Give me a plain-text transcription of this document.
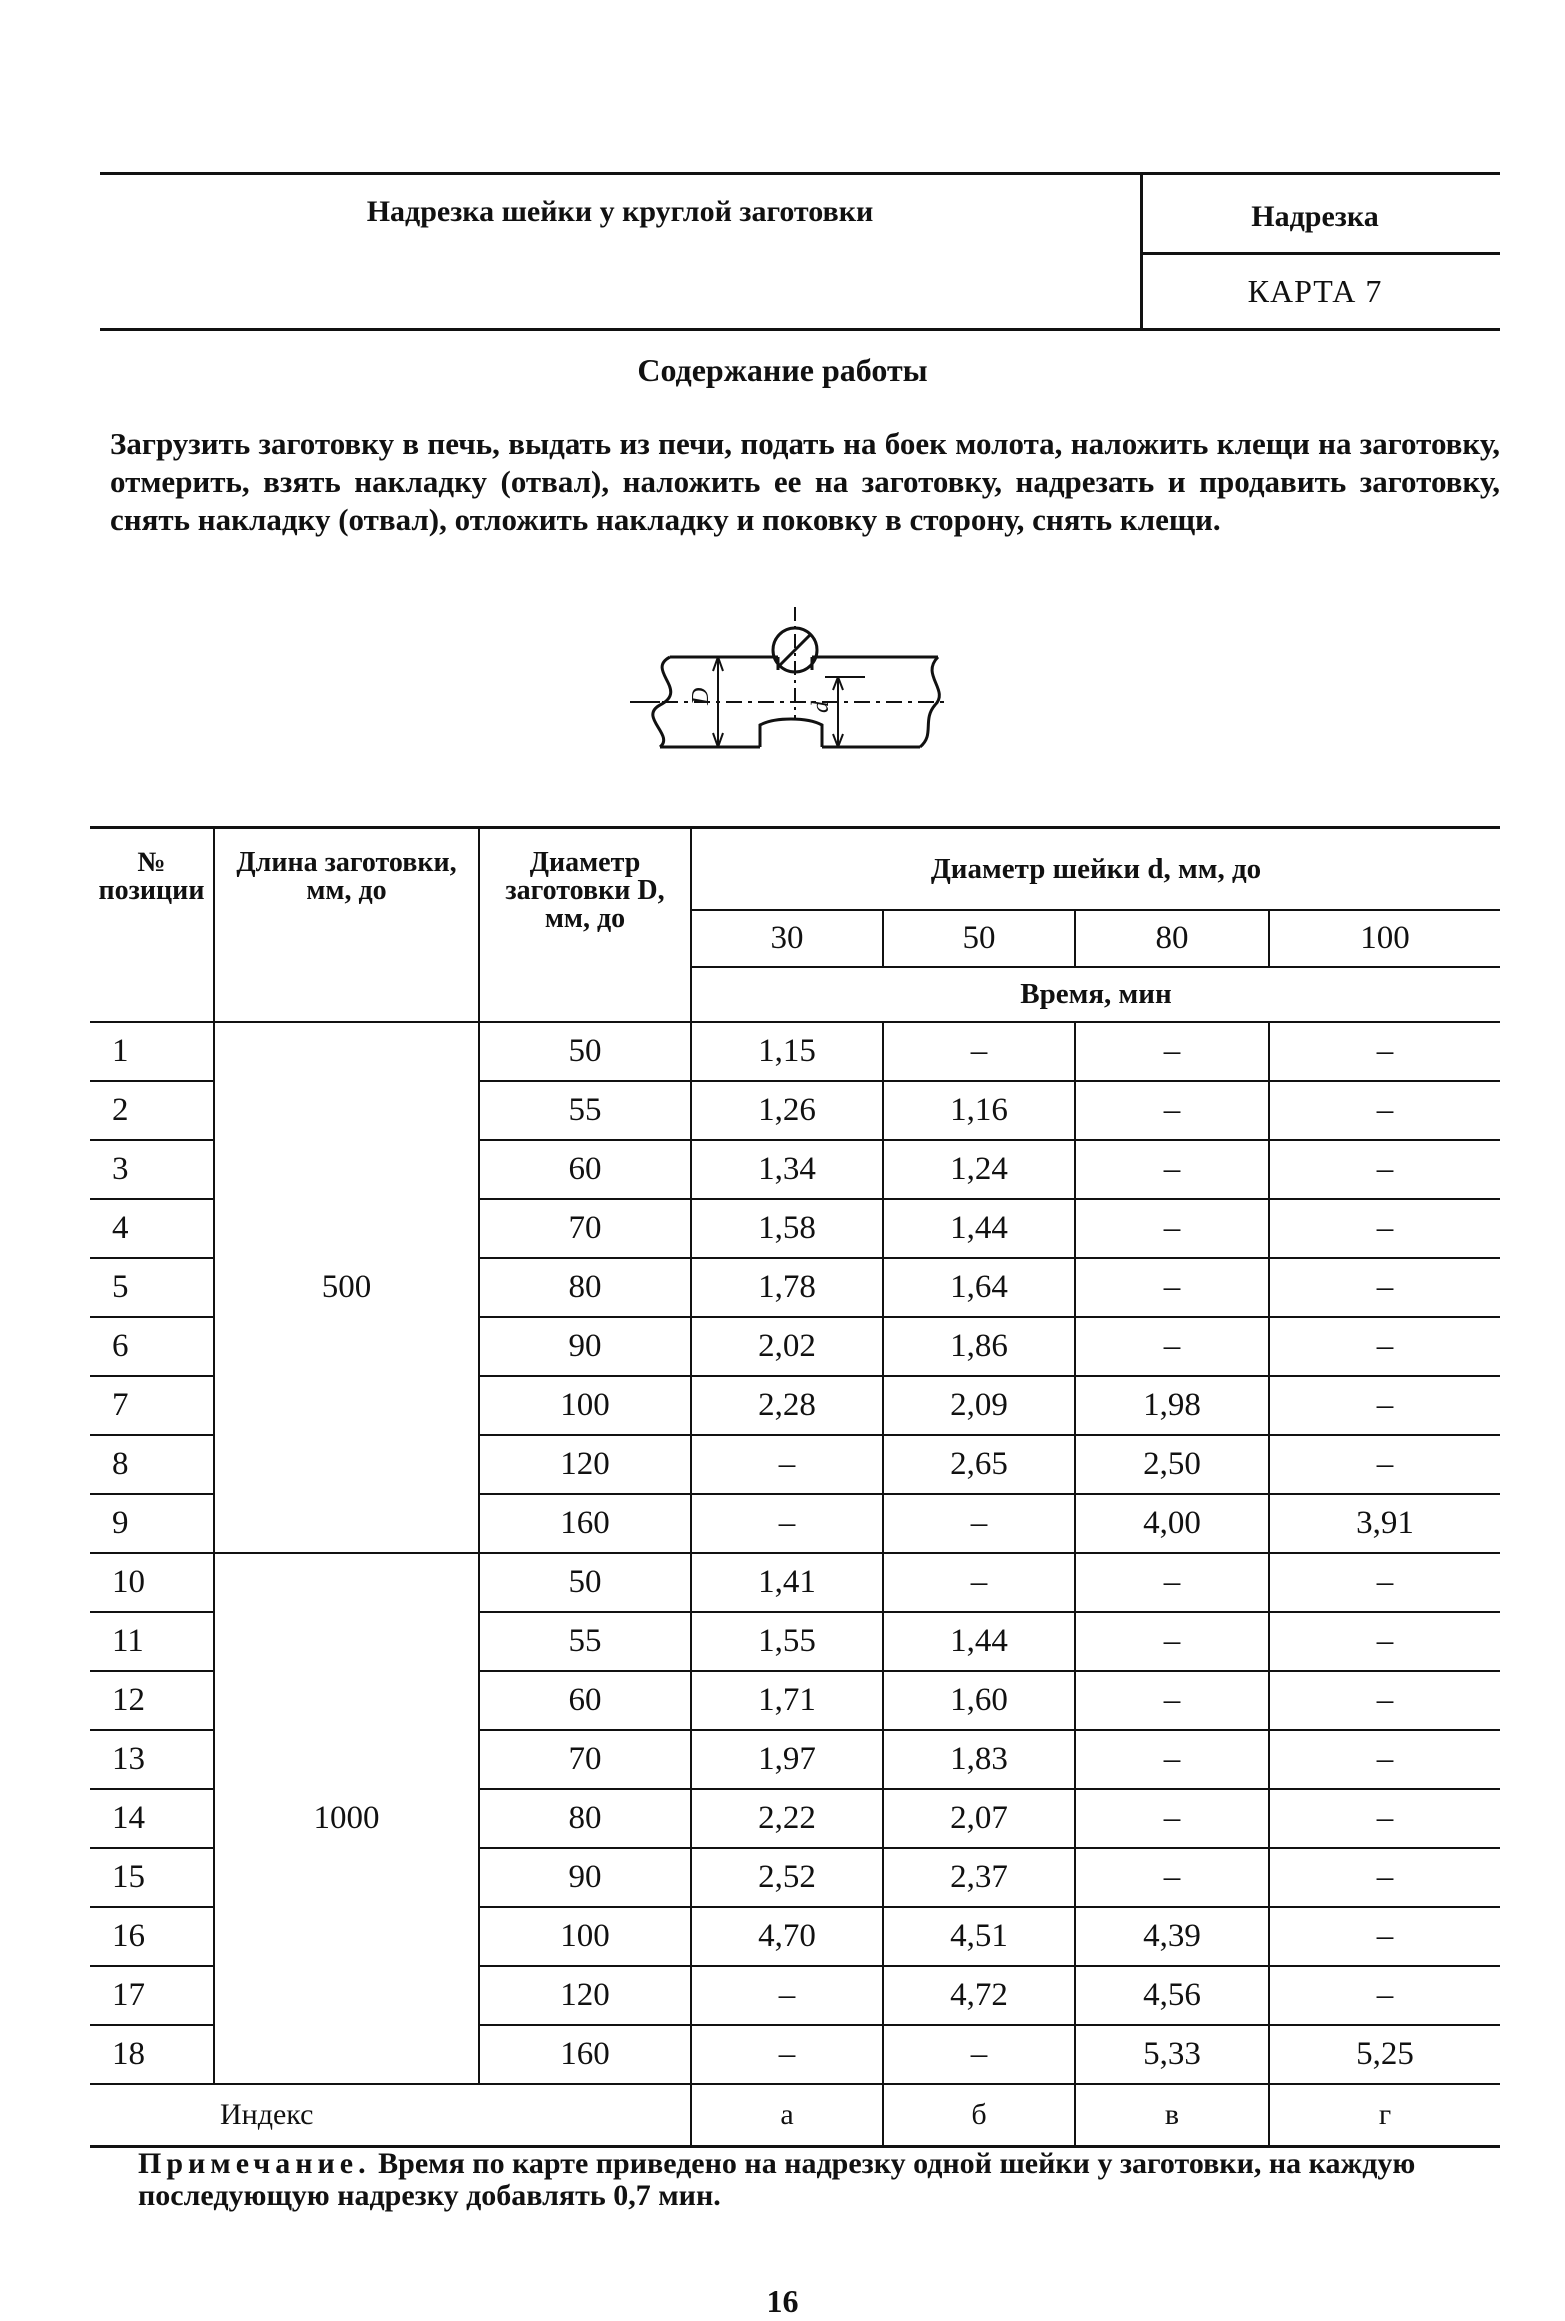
Надрезка шейки у круглой заготовки	Надрезка
КАРТА 7
Содержание работы
Загрузить заготовку в печь, выдать из печи, подать на боек молота, наложить клещи на заготовку, отмерить, взять накладку (отвал), наложить ее на заготовку, надрезать и продавить заготовку, снять накладку (отвал), отложить накладку и поковку в сторону, снять клещи.
D
d
№ позиции	Длина заготовки, мм, до	Диаметр заготовки D, мм, до	Диаметр шейки d, мм, до			
			30	50	80	100
			Время, мин			
1	500	50	1,15	–	–	–
2		55	1,26	1,16	–	–
3		60	1,34	1,24	–	–
4		70	1,58	1,44	–	–
5		80	1,78	1,64	–	–
6		90	2,02	1,86	–	–
7		100	2,28	2,09	1,98	–
8		120	–	2,65	2,50	–
9		160	–	–	4,00	3,91
10	1000	50	1,41	–	–	–
11		55	1,55	1,44	–	–
12		60	1,71	1,60	–	–
13		70	1,97	1,83	–	–
14		80	2,22	2,07	–	–
15		90	2,52	2,37	–	–
16		100	4,70	4,51	4,39	–
17		120	–	4,72	4,56	–
18		160	–	–	5,33	5,25
Индекс			а	б	в	г
Примечание. Время по карте приведено на надрезку одной шейки у заготовки, на каждую последующую надрезку добавлять 0,7 мин.
16
